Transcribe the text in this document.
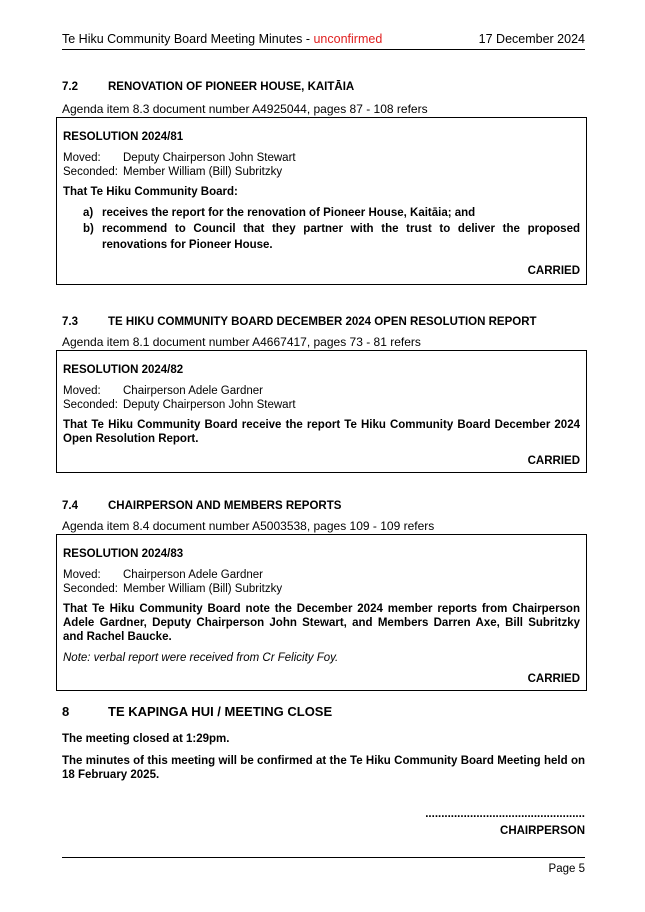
Te Hiku Community Board Meeting Minutes - unconfirmed	17 December 2024
7.2	RENOVATION OF PIONEER HOUSE, KAITĀIA
Agenda item 8.3 document number A4925044, pages 87 - 108 refers
RESOLUTION 2024/81
Moved: Deputy Chairperson John Stewart
Seconded: Member William (Bill) Subritzky
That Te Hiku Community Board:
a) receives the report for the renovation of Pioneer House, Kaitāia; and
b) recommend to Council that they partner with the trust to deliver the proposed renovations for Pioneer House.
CARRIED
7.3	TE HIKU COMMUNITY BOARD DECEMBER 2024 OPEN RESOLUTION REPORT
Agenda item 8.1 document number A4667417, pages 73 - 81 refers
RESOLUTION 2024/82
Moved: Chairperson Adele Gardner
Seconded: Deputy Chairperson John Stewart
That Te Hiku Community Board receive the report Te Hiku Community Board December 2024 Open Resolution Report.
CARRIED
7.4	CHAIRPERSON AND MEMBERS REPORTS
Agenda item 8.4 document number A5003538, pages 109 - 109 refers
RESOLUTION 2024/83
Moved: Chairperson Adele Gardner
Seconded: Member William (Bill) Subritzky
That Te Hiku Community Board note the December 2024 member reports from Chairperson Adele Gardner, Deputy Chairperson John Stewart, and Members Darren Axe, Bill Subritzky and Rachel Baucke.
Note: verbal report were received from Cr Felicity Foy.
CARRIED
8	TE KAPINGA HUI / MEETING CLOSE
The meeting closed at 1:29pm.
The minutes of this meeting will be confirmed at the Te Hiku Community Board Meeting held on 18 February 2025.
..................................................
CHAIRPERSON
Page 5
